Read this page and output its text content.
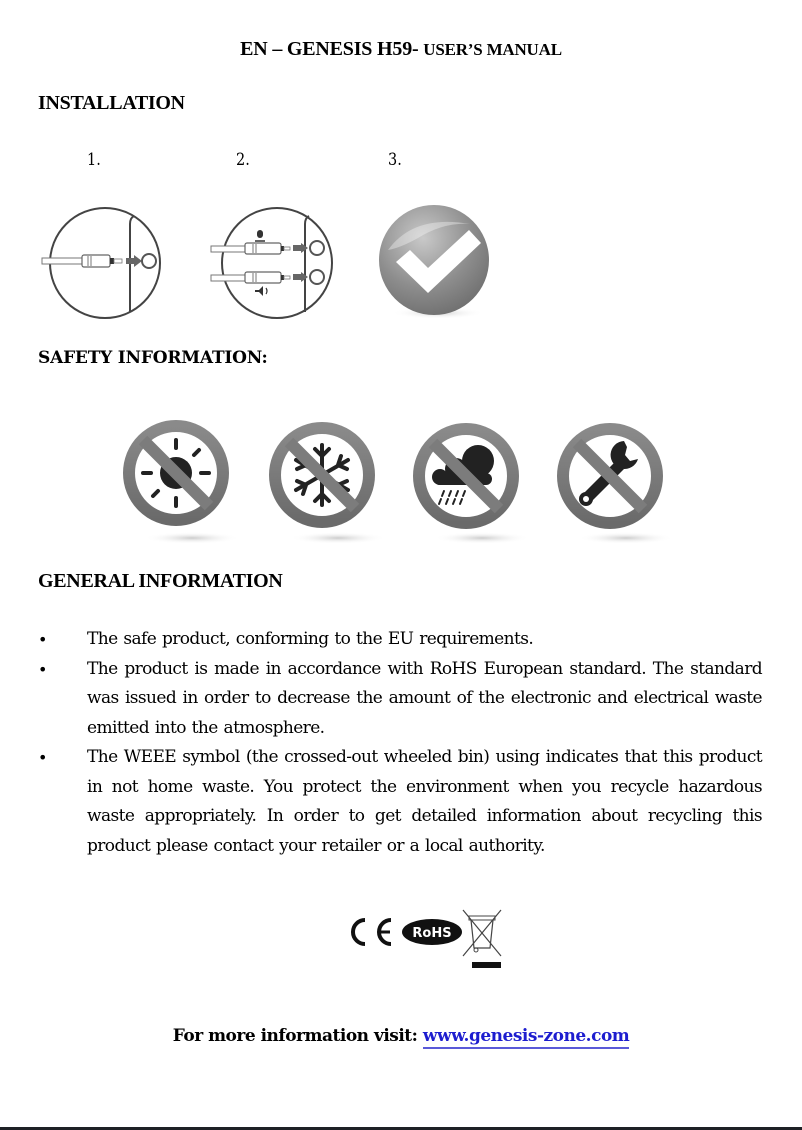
EN – GENESIS H59- USER’S MANUAL
INSTALLATION
1.	2.	3.
SAFETY INFORMATION:
GENERAL INFORMATION
• The safe product, conforming to the EU requirements.
• The product is made in accordance with RoHS European standard. The standard was issued in order to decrease the amount of the electronic and electrical waste emitted into the atmosphere.
• The WEEE symbol (the crossed-out wheeled bin) using indicates that this product in not home waste. You protect the environment when you recycle hazardous waste appropriately. In order to get detailed information about recycling this product please contact your retailer or a local authority.
RoHS
For more information visit: www.genesis-zone.com
